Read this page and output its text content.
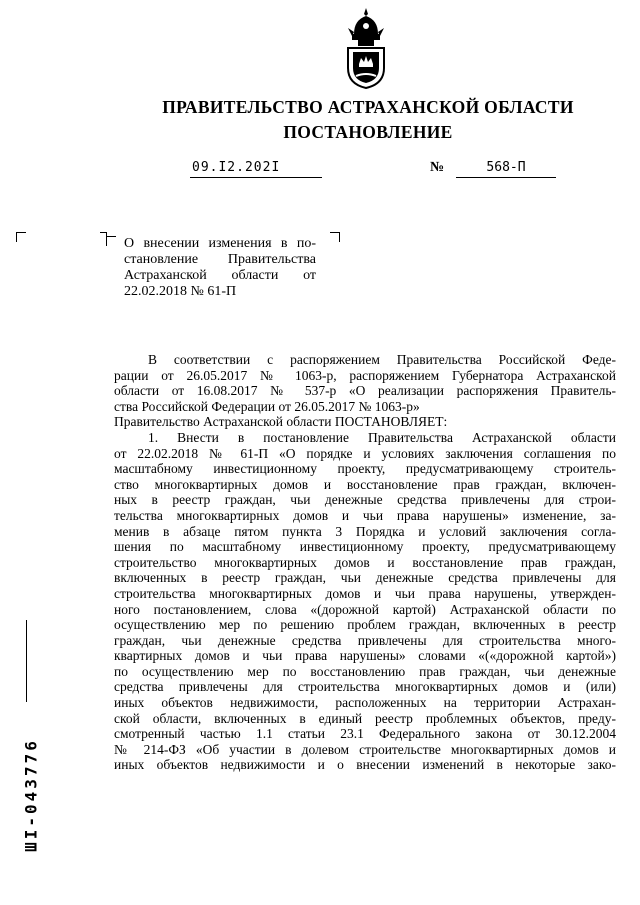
ПРАВИТЕЛЬСТВО АСТРАХАНСКОЙ ОБЛАСТИ
ПОСТАНОВЛЕНИЕ
09.I2.202I	№	568-П
О внесении изменения в по-
становление Правительства
Астраханской области от
22.02.2018 № 61-П
В соответствии с распоряжением Правительства Российской Феде-
рации от 26.05.2017 № 1063-р, распоряжением Губернатора Астраханской
области от 16.08.2017 № 537-р «О реализации распоряжения Правитель-
ства Российской Федерации от 26.05.2017 № 1063-р»
Правительство Астраханской области ПОСТАНОВЛЯЕТ:
1. Внести в постановление Правительства Астраханской области
от 22.02.2018 № 61-П «О порядке и условиях заключения соглашения по
масштабному инвестиционному проекту, предусматривающему строитель-
ство многоквартирных домов и восстановление прав граждан, включен-
ных в реестр граждан, чьи денежные средства привлечены для строи-
тельства многоквартирных домов и чьи права нарушены» изменение, за-
менив в абзаце пятом пункта 3 Порядка и условий заключения согла-
шения по масштабному инвестиционному проекту, предусматривающему
строительство многоквартирных домов и восстановление прав граждан,
включенных в реестр граждан, чьи денежные средства привлечены для
строительства многоквартирных домов и чьи права нарушены, утвержден-
ного постановлением, слова «(дорожной картой) Астраханской области по
осуществлению мер по решению проблем граждан, включенных в реестр
граждан, чьи денежные средства привлечены для строительства много-
квартирных домов и чьи права нарушены» словами «(«дорожной картой»)
по осуществлению мер по восстановлению прав граждан, чьи денежные
средства привлечены для строительства многоквартирных домов и (или)
иных объектов недвижимости, расположенных на территории Астрахан-
ской области, включенных в единый реестр проблемных объектов, преду-
смотренный частью 1.1 статьи 23.1 Федерального закона от 30.12.2004
№ 214-ФЗ «Об участии в долевом строительстве многоквартирных домов и
иных объектов недвижимости и о внесении изменений в некоторые зако-
ШI-043776
